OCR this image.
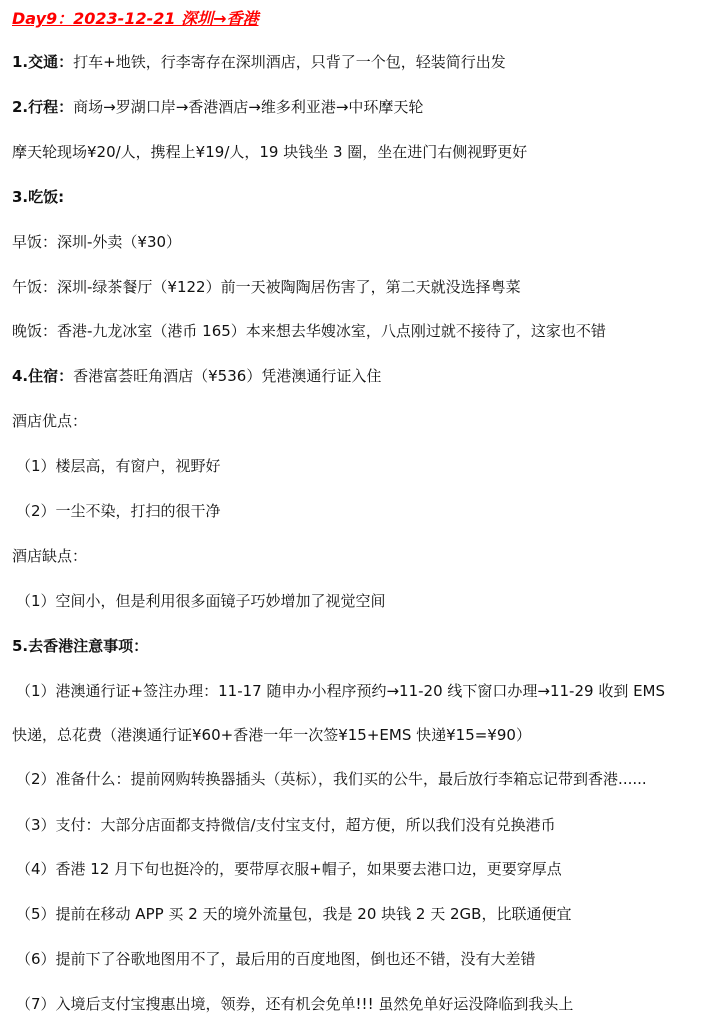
Day9：2023-12-21 深圳→香港
1.交通：打车+地铁，行李寄存在深圳酒店，只背了一个包，轻装简行出发
2.行程：商场→罗湖口岸→香港酒店→维多利亚港→中环摩天轮
摩天轮现场¥20/人，携程上¥19/人，19 块钱坐 3 圈，坐在进门右侧视野更好
3.吃饭:
早饭：深圳-外卖（¥30）
午饭：深圳-绿茶餐厅（¥122）前一天被陶陶居伤害了，第二天就没选择粤菜
晚饭：香港-九龙冰室（港币 165）本来想去华嫂冰室，八点刚过就不接待了，这家也不错
4.住宿：香港富荟旺角酒店（¥536）凭港澳通行证入住
酒店优点：
（1）楼层高，有窗户，视野好
（2）一尘不染，打扫的很干净
酒店缺点：
（1）空间小，但是利用很多面镜子巧妙增加了视觉空间
5.去香港注意事项：
（1）港澳通行证+签注办理：11-17 随申办小程序预约→11-20 线下窗口办理→11-29 收到 EMS
快递，总花费（港澳通行证¥60+香港一年一次签¥15+EMS 快递¥15=¥90）
（2）准备什么：提前网购转换器插头（英标），我们买的公牛，最后放行李箱忘记带到香港......
（3）支付：大部分店面都支持微信/支付宝支付，超方便，所以我们没有兑换港币
（4）香港 12 月下旬也挺冷的，要带厚衣服+帽子，如果要去港口边，更要穿厚点
（5）提前在移动 APP 买 2 天的境外流量包，我是 20 块钱 2 天 2GB，比联通便宜
（6）提前下了谷歌地图用不了，最后用的百度地图，倒也还不错，没有大差错
（7）入境后支付宝搜惠出境，领券，还有机会免单!!! 虽然免单好运没降临到我头上
